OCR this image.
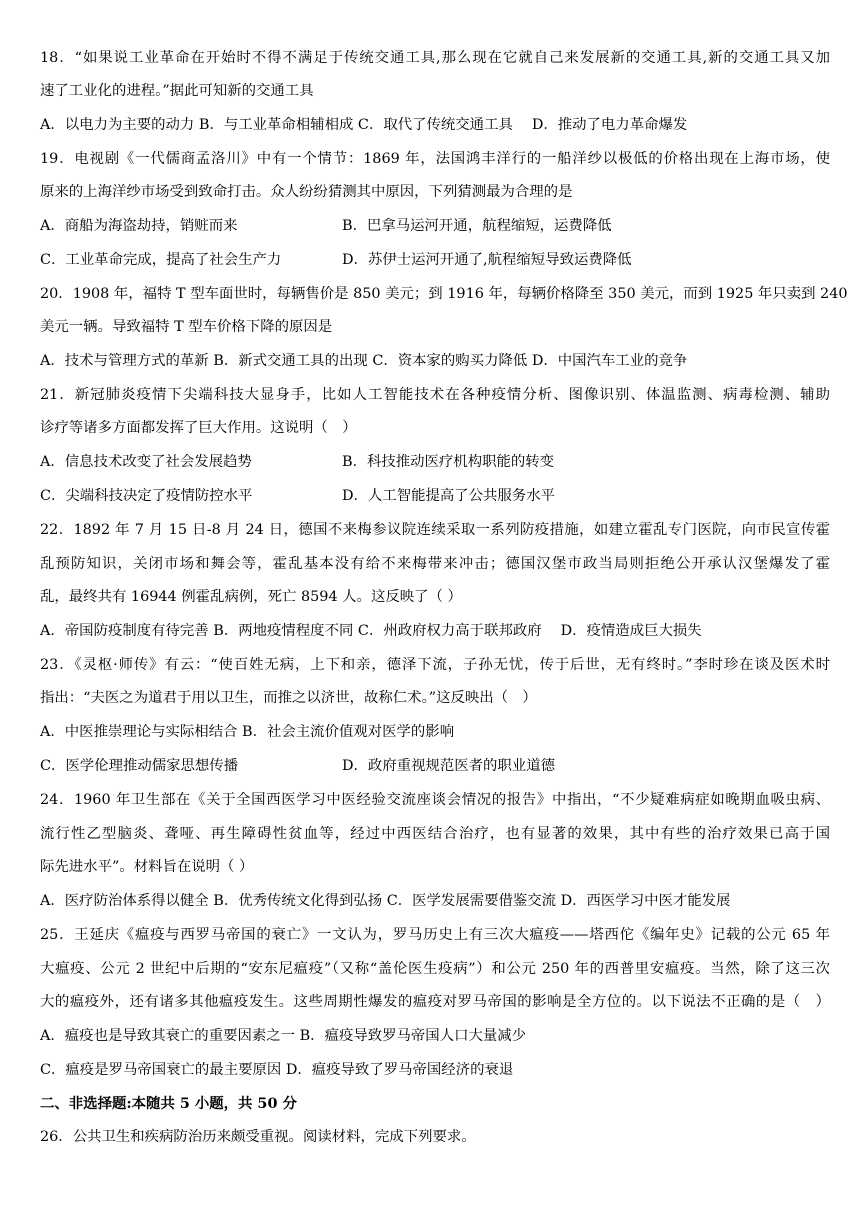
18．“如果说工业革命在开始时不得不满足于传统交通工具,那么现在它就自己来发展新的交通工具,新的交通工具又加
速了工业化的进程。”据此可知新的交通工具
A．以电力为主要的动力 B．与工业革命相辅相成 C．取代了传统交通工具　 D．推动了电力革命爆发
19．电视剧《一代儒商孟洛川》中有一个情节：1869 年，法国鸿丰洋行的一船洋纱以极低的价格出现在上海市场，使
原来的上海洋纱市场受到致命打击。众人纷纷猜测其中原因，下列猜测最为合理的是
A．商船为海盗劫持，销赃而来	B．巴拿马运河开通，航程缩短，运费降低
C．工业革命完成，提高了社会生产力	D．苏伊士运河开通了,航程缩短导致运费降低
20．1908 年，福特 T 型车面世时，每辆售价是 850 美元；到 1916 年，每辆价格降至 350 美元，而到 1925 年只卖到 240
美元一辆。导致福特 T 型车价格下降的原因是
A．技术与管理方式的革新 B．新式交通工具的出现 C．资本家的购买力降低 D．中国汽车工业的竞争
21．新冠肺炎疫情下尖端科技大显身手，比如人工智能技术在各种疫情分析、图像识别、体温监测、病毒检测、辅助
诊疗等诸多方面都发挥了巨大作用。这说明（　）
A．信息技术改变了社会发展趋势	B．科技推动医疗机构职能的转变
C．尖端科技决定了疫情防控水平	D．人工智能提高了公共服务水平
22．1892 年 7 月 15 日-8 月 24 日，德国不来梅参议院连续采取一系列防疫措施，如建立霍乱专门医院，向市民宣传霍
乱预防知识，关闭市场和舞会等，霍乱基本没有给不来梅带来冲击；德国汉堡市政当局则拒绝公开承认汉堡爆发了霍
乱，最终共有 16944 例霍乱病例，死亡 8594 人。这反映了（ ）
A．帝国防疫制度有待完善 B．两地疫情程度不同 C．州政府权力高于联邦政府　 D．疫情造成巨大损失
23．《灵枢·师传》有云：“使百姓无病，上下和亲，德泽下流，子孙无忧，传于后世，无有终时。”李时珍在谈及医术时
指出：“夫医之为道君于用以卫生，而推之以济世，故称仁术。”这反映出（　）
A．中医推崇理论与实际相结合 B．社会主流价值观对医学的影响
C．医学伦理推动儒家思想传播	D．政府重视规范医者的职业道德
24．1960 年卫生部在《关于全国西医学习中医经验交流座谈会情况的报告》中指出，“不少疑难病症如晚期血吸虫病、
流行性乙型脑炎、聋哑、再生障碍性贫血等，经过中西医结合治疗，也有显著的效果，其中有些的治疗效果已高于国
际先进水平”。材料旨在说明（ ）
A．医疗防治体系得以健全 B．优秀传统文化得到弘扬 C．医学发展需要借鉴交流 D．西医学习中医才能发展
25．王延庆《瘟疫与西罗马帝国的衰亡》一文认为，罗马历史上有三次大瘟疫——塔西佗《编年史》记载的公元 65 年
大瘟疫、公元 2 世纪中后期的“安东尼瘟疫”（又称“盖伦医生疫病”）和公元 250 年的西普里安瘟疫。当然，除了这三次
大的瘟疫外，还有诸多其他瘟疫发生。这些周期性爆发的瘟疫对罗马帝国的影响是全方位的。以下说法不正确的是（　）
A．瘟疫也是导致其衰亡的重要因素之一 B．瘟疫导致罗马帝国人口大量减少
C．瘟疫是罗马帝国衰亡的最主要原因 D．瘟疫导致了罗马帝国经济的衰退
二、非选择题:本随共 5 小题，共 50 分
26．公共卫生和疾病防治历来颇受重视。阅读材料，完成下列要求。
